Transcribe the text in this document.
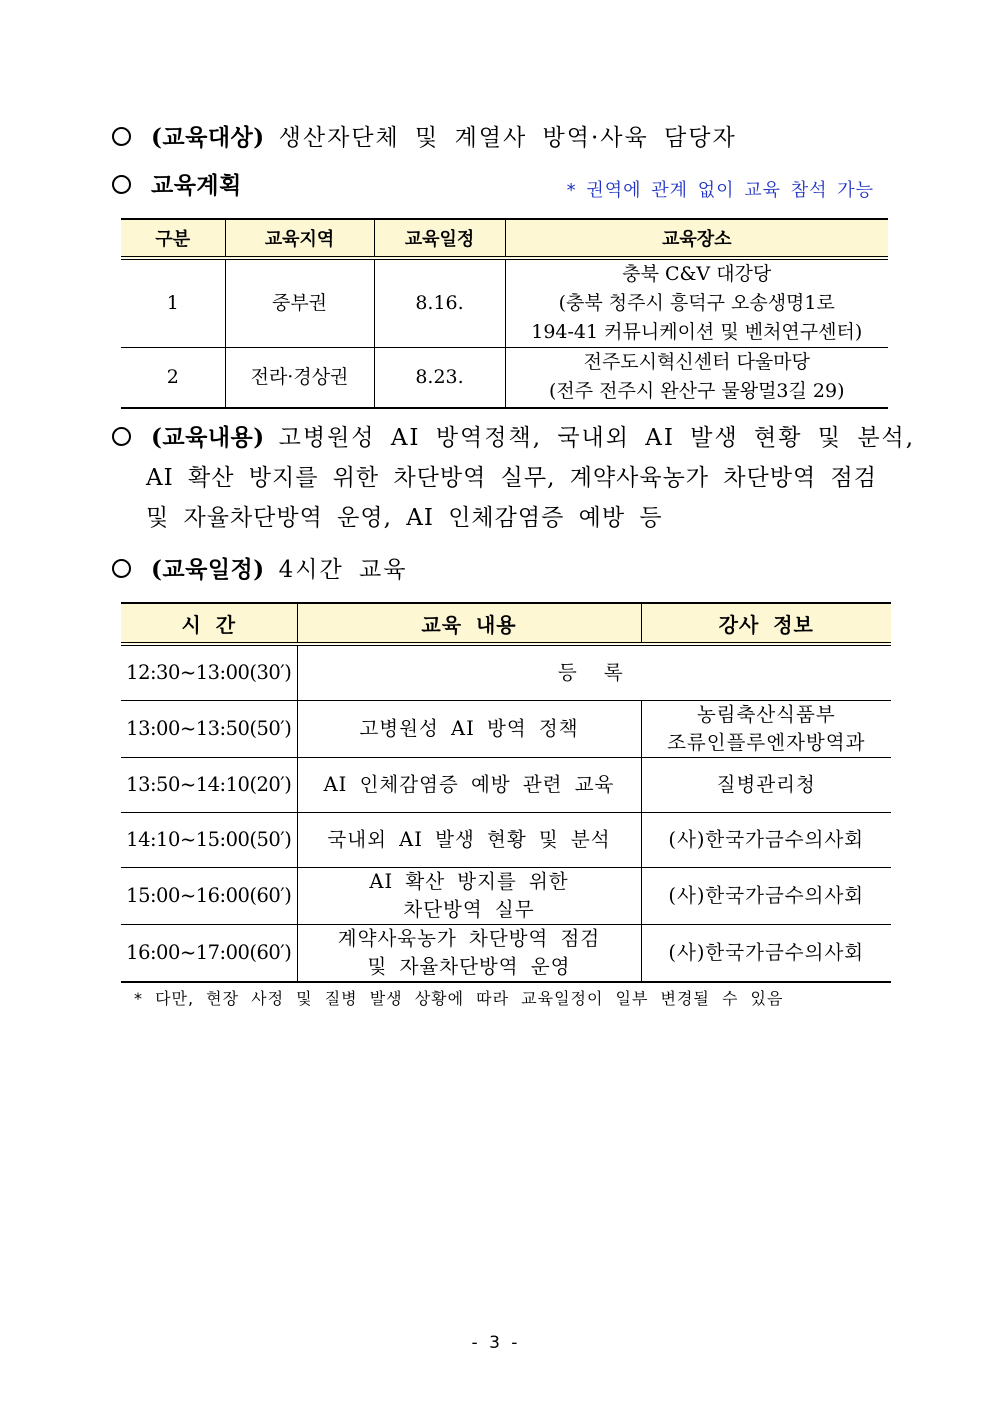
(교육대상) 생산자단체 및 계열사 방역·사육 담당자
교육계획	* 권역에 관계 없이 교육 참석 가능
구분	교육지역	교육일정	교육장소
1	중부권	8.16.	충북 C&V 대강당
(충북 청주시 흥덕구 오송생명1로
194-41 커뮤니케이션 및 벤처연구센터)

2	전라·경상권	8.23.	전주도시혁신센터 다울마당
(전주 전주시 완산구 물왕멀3길 29)
(교육내용) 고병원성 AI 방역정책, 국내외 AI 발생 현황 및 분석,
AI 확산 방지를 위한 차단방역 실무, 계약사육농가 차단방역 점검
및 자율차단방역 운영, AI 인체감염증 예방 등
(교육일정) 4시간 교육
시 간	교육 내용	강사 정보
12:30~13:00(30′)	등 록	
13:00~13:50(50′)	고병원성 AI 방역 정책	농림축산식품부
조류인플루엔자방역과

13:50~14:10(20′)	AI 인체감염증 예방 관련 교육	질병관리청
14:10~15:00(50′)	국내외 AI 발생 현황 및 분석	(사)한국가금수의사회
15:00~16:00(60′)	AI 확산 방지를 위한
차단방역 실무	(사)한국가금수의사회
16:00~17:00(60′)	계약사육농가 차단방역 점검
및 자율차단방역 운영	(사)한국가금수의사회
* 다만, 현장 사정 및 질병 발생 상황에 따라 교육일정이 일부 변경될 수 있음
- 3 -
